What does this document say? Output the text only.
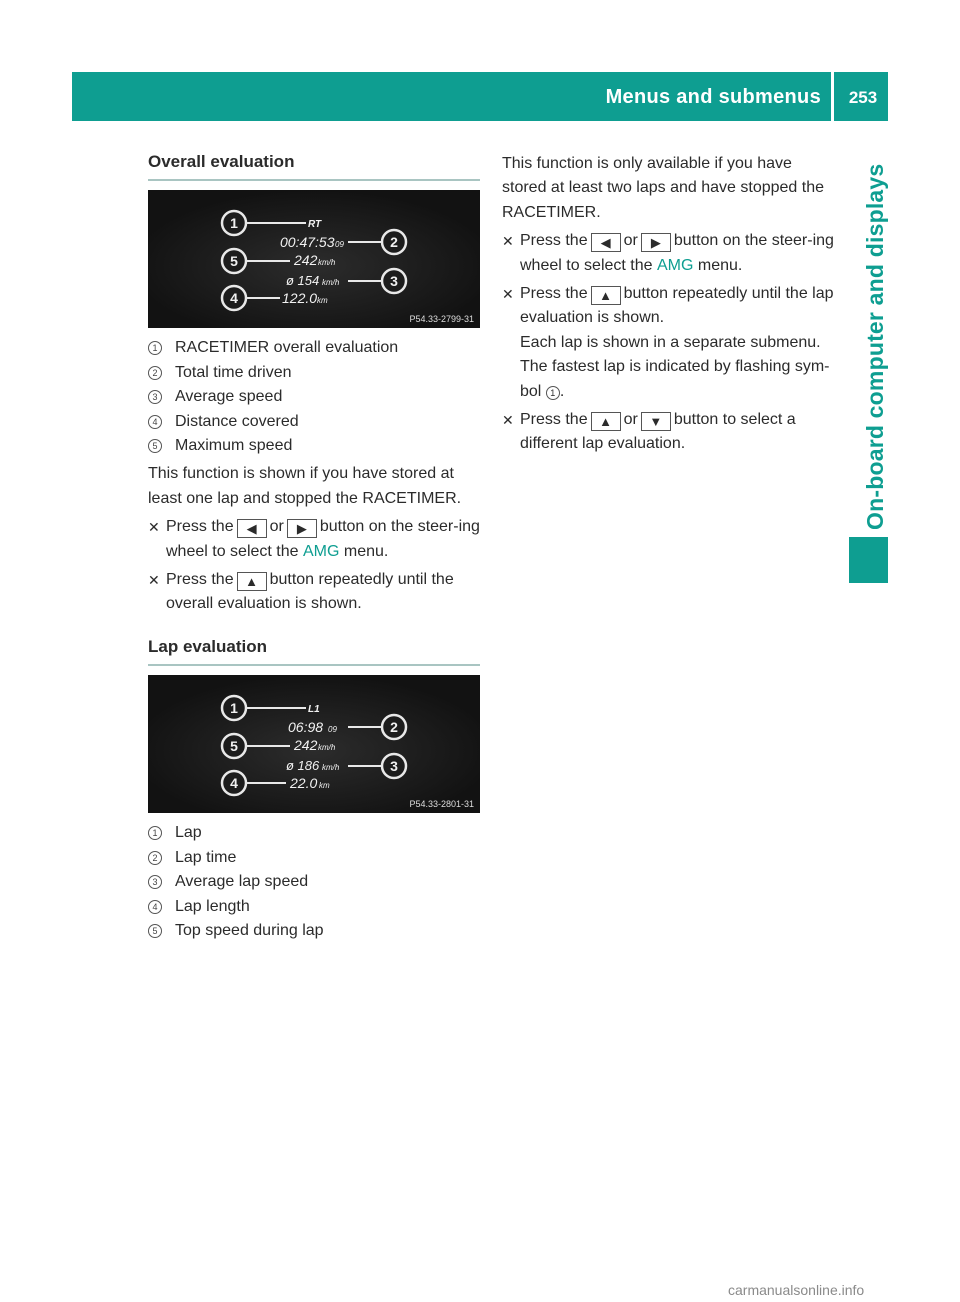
Menus and submenus	253
On-board computer and displays
Overall evaluation
1
2
5
3
4
RT
00:47:53 09
242 km/h
ø 154 km/h
122.0 km
P54.33-2799-31
1 RACETIMER overall evaluation
2 Total time driven
3 Average speed
4 Distance covered
5 Maximum speed
This function is shown if you have stored at least one lap and stopped the RACETIMER.
✕ Press the ◀ or ▶ button on the steer-ing wheel to select the AMG menu.
✕ Press the ▲ button repeatedly until the overall evaluation is shown.
Lap evaluation
1
2
5
3
4
L1
06:98 09
242 km/h
ø 186 km/h
22.0 km
P54.33-2801-31
1 Lap
2 Lap time
3 Average lap speed
4 Lap length
5 Top speed during lap
This function is only available if you have stored at least two laps and have stopped the RACETIMER.
✕ Press the ◀ or ▶ button on the steer-ing wheel to select the AMG menu.
✕ Press the ▲ button repeatedly until the lap evaluation is shown.
Each lap is shown in a separate submenu.
The fastest lap is indicated by flashing sym-bol 1 .
✕ Press the ▲ or ▼ button to select a different lap evaluation.
carmanualsonline.info
